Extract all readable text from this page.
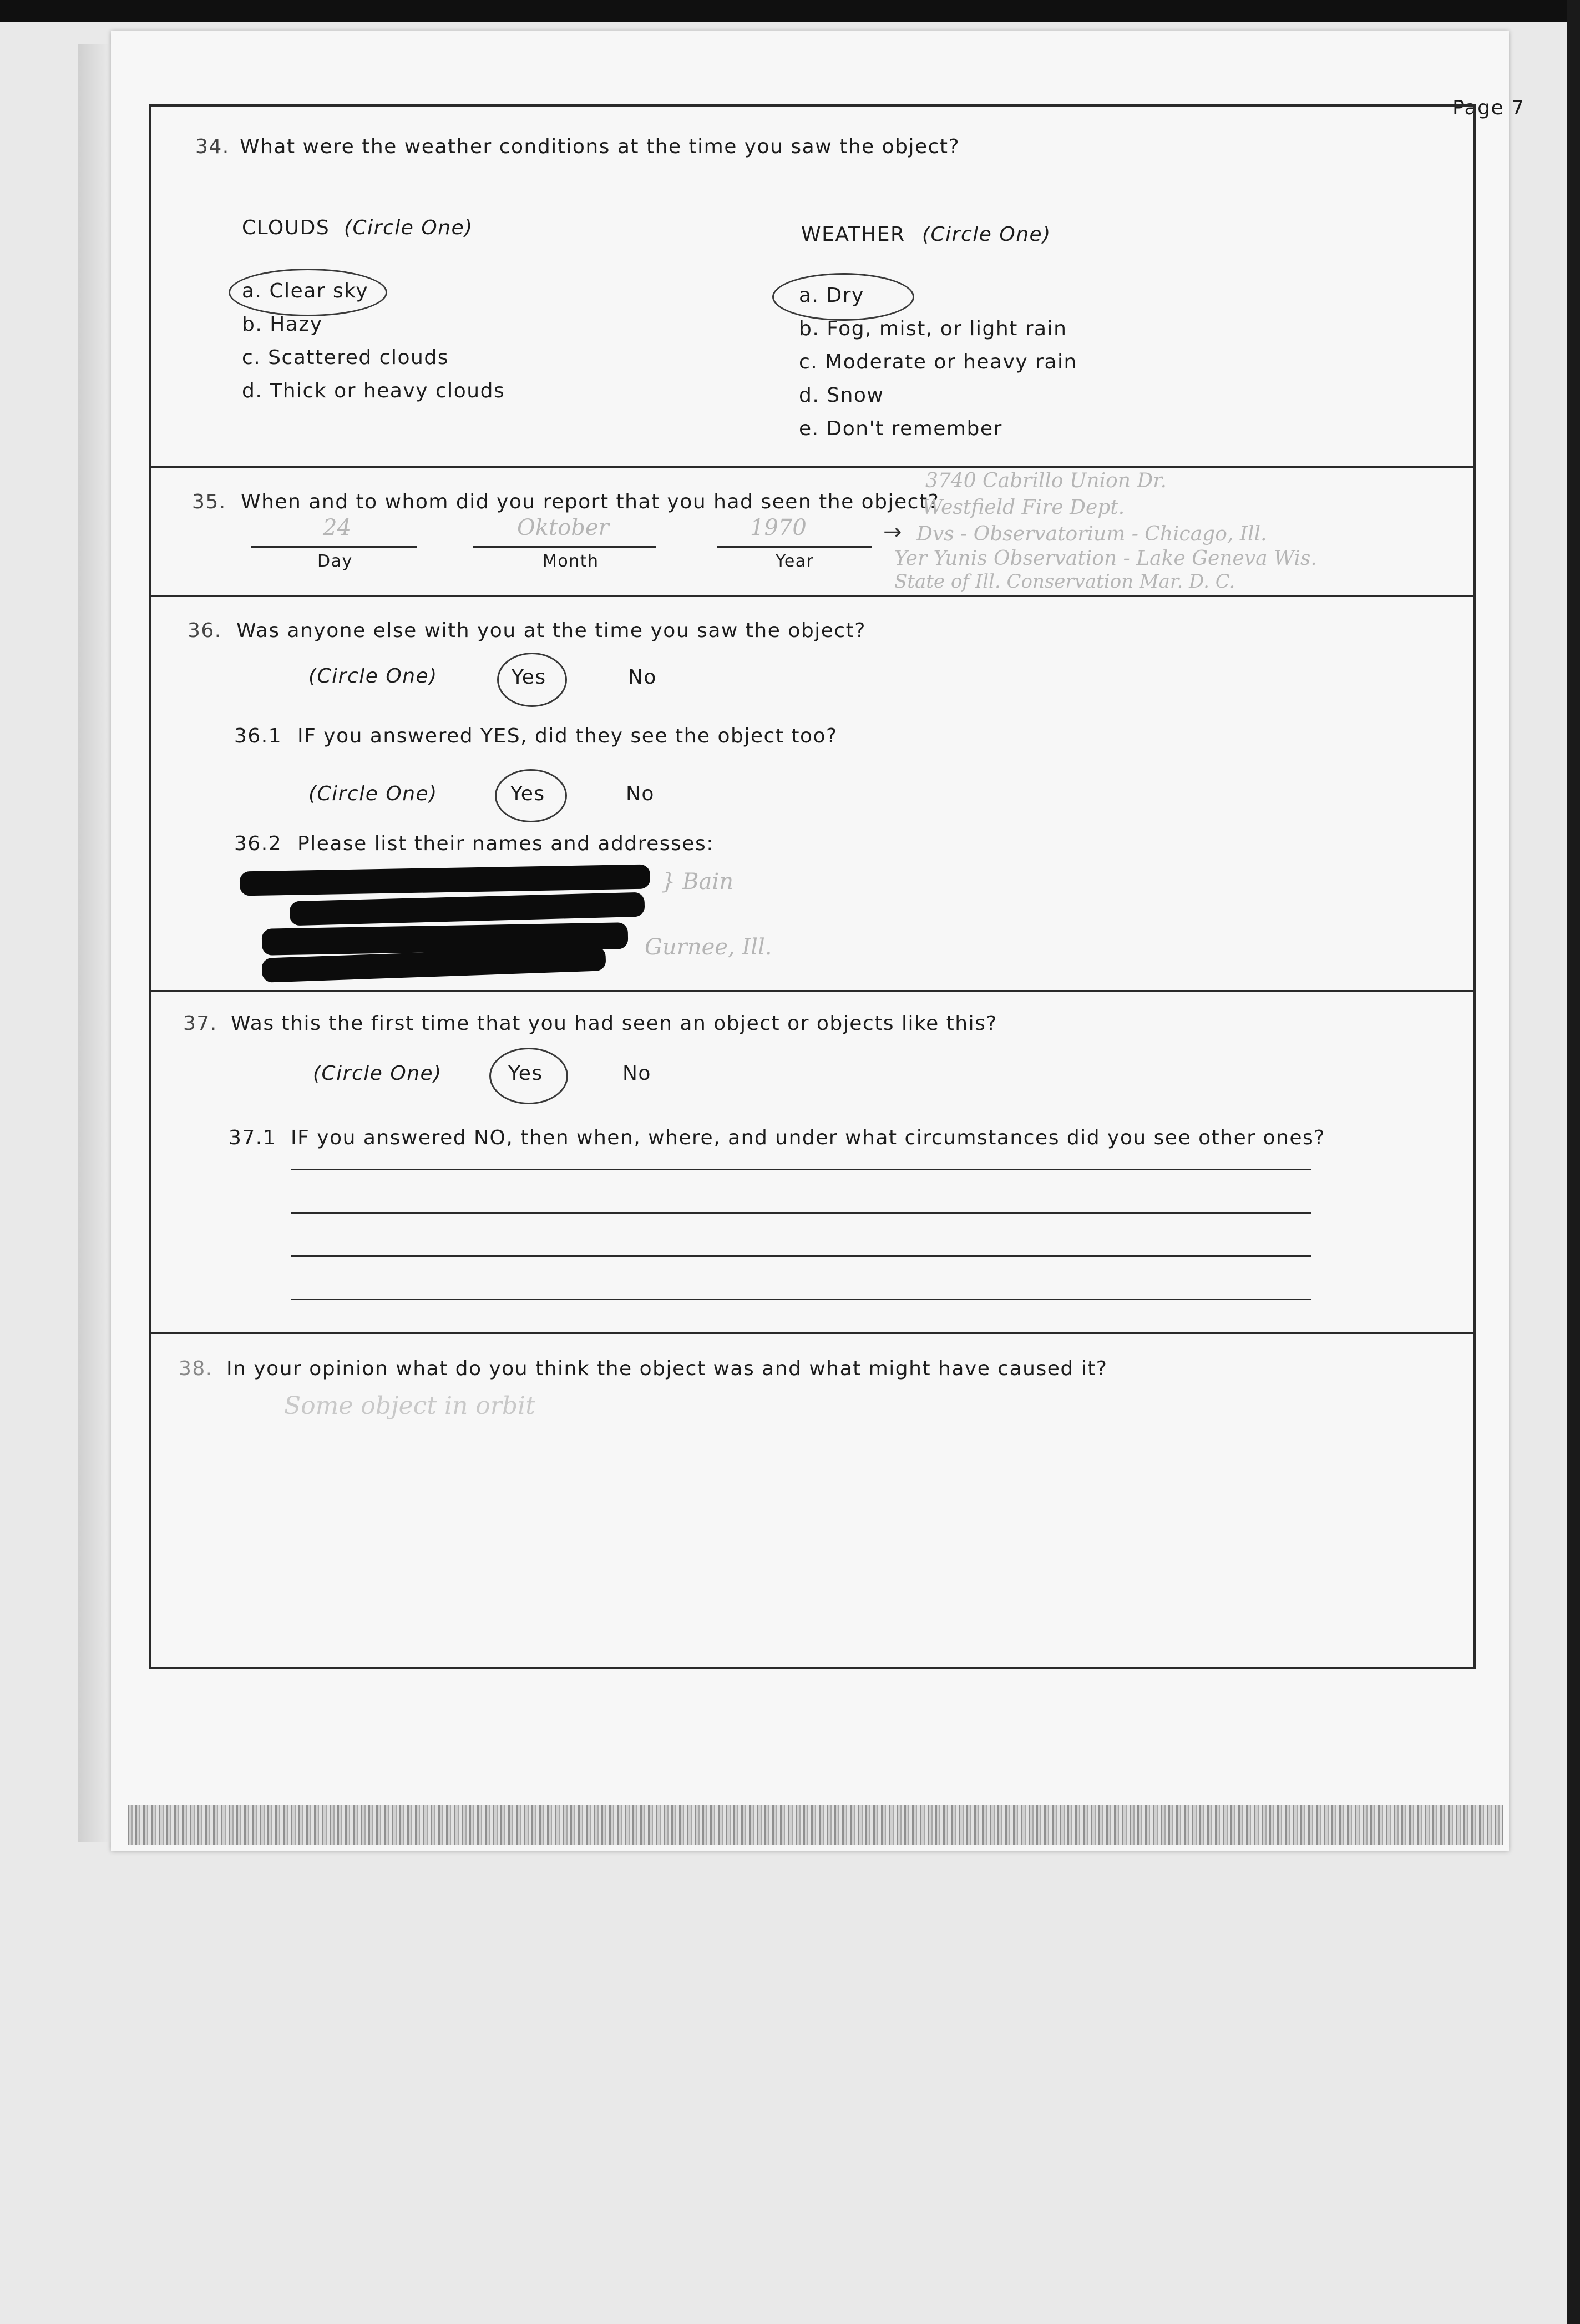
Page 7
34. What were the weather conditions at the time you saw the object?
CLOUDS (Circle One)
a. Clear sky
b. Hazy
c. Scattered clouds
d. Thick or heavy clouds
WEATHER (Circle One)
a. Dry
b. Fog, mist, or light rain
c. Moderate or heavy rain
d. Snow
e. Don't remember
35. When and to whom did you report that you had seen the object?
24	Oktober	1970	→
Day	Month	Year
3740 Cabrillo Union Dr.
Westfield Fire Dept.
Dvs - Observatorium - Chicago, Ill.
Yer Yunis Observation - Lake Geneva Wis.
State of Ill. Conservation Mar. D. C.
36. Was anyone else with you at the time you saw the object?
(Circle One)	Yes	No
36.1 IF you answered YES, did they see the object too?
(Circle One)	Yes	No
36.2 Please list their names and addresses:
} Bain
Gurnee, Ill.
37. Was this the first time that you had seen an object or objects like this?
(Circle One)	Yes	No
37.1 IF you answered NO, then when, where, and under what circumstances did you see other ones?
38. In your opinion what do you think the object was and what might have caused it?
Some object in orbit
